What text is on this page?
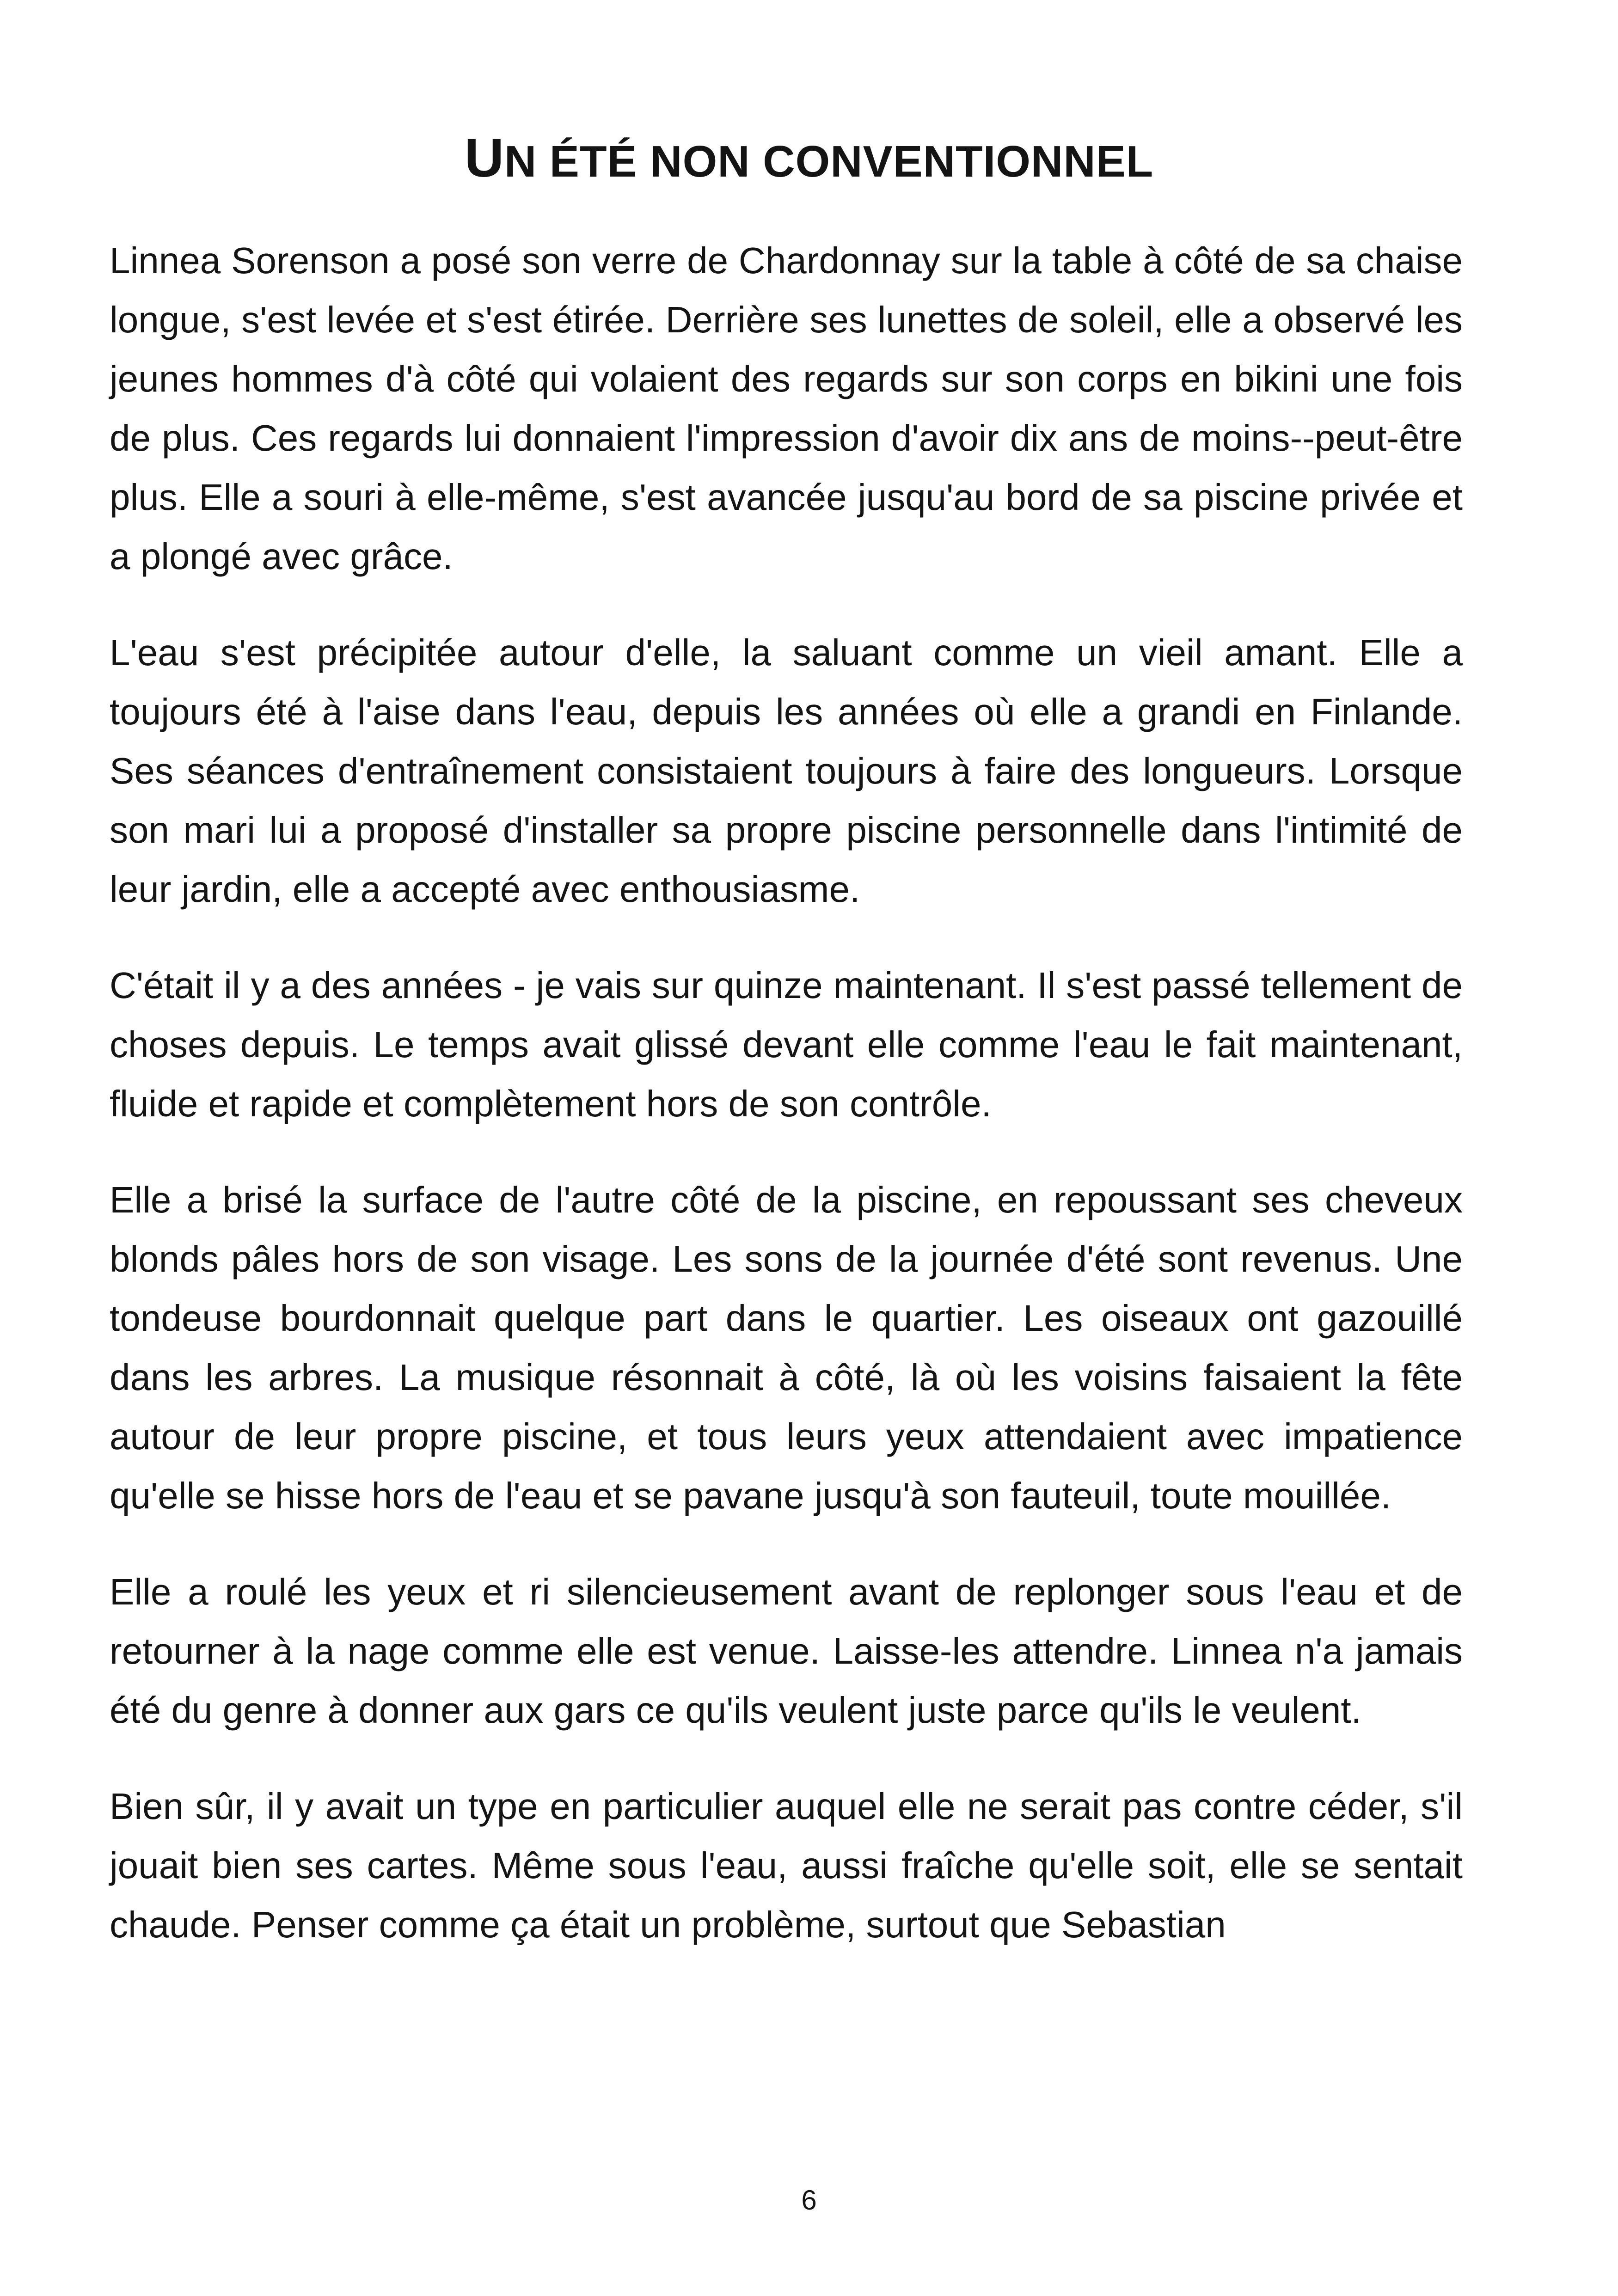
UN ÉTÉ NON CONVENTIONNEL

Linnea Sorenson a posé son verre de Chardonnay sur la table à côté de sa chaise longue, s'est levée et s'est étirée. Derrière ses lunettes de soleil, elle a observé les jeunes hommes d'à côté qui volaient des regards sur son corps en bikini une fois de plus. Ces regards lui donnaient l'impression d'avoir dix ans de moins--peut-être plus. Elle a souri à elle-même, s'est avancée jusqu'au bord de sa piscine privée et a plongé avec grâce.

L'eau s'est précipitée autour d'elle, la saluant comme un vieil amant. Elle a toujours été à l'aise dans l'eau, depuis les années où elle a grandi en Finlande. Ses séances d'entraînement consistaient toujours à faire des longueurs. Lorsque son mari lui a proposé d'installer sa propre piscine personnelle dans l'intimité de leur jardin, elle a accepté avec enthousiasme.

C'était il y a des années - je vais sur quinze maintenant. Il s'est passé tellement de choses depuis. Le temps avait glissé devant elle comme l'eau le fait maintenant, fluide et rapide et complètement hors de son contrôle.

Elle a brisé la surface de l'autre côté de la piscine, en repoussant ses cheveux blonds pâles hors de son visage. Les sons de la journée d'été sont revenus. Une tondeuse bourdonnait quelque part dans le quartier. Les oiseaux ont gazouillé dans les arbres. La musique résonnait à côté, là où les voisins faisaient la fête autour de leur propre piscine, et tous leurs yeux attendaient avec impatience qu'elle se hisse hors de l'eau et se pavane jusqu'à son fauteuil, toute mouillée.

Elle a roulé les yeux et ri silencieusement avant de replonger sous l'eau et de retourner à la nage comme elle est venue. Laisse-les attendre. Linnea n'a jamais été du genre à donner aux gars ce qu'ils veulent juste parce qu'ils le veulent.

Bien sûr, il y avait un type en particulier auquel elle ne serait pas contre céder, s'il jouait bien ses cartes. Même sous l'eau, aussi fraîche qu'elle soit, elle se sentait chaude. Penser comme ça était un problème, surtout que Sebastian

6
